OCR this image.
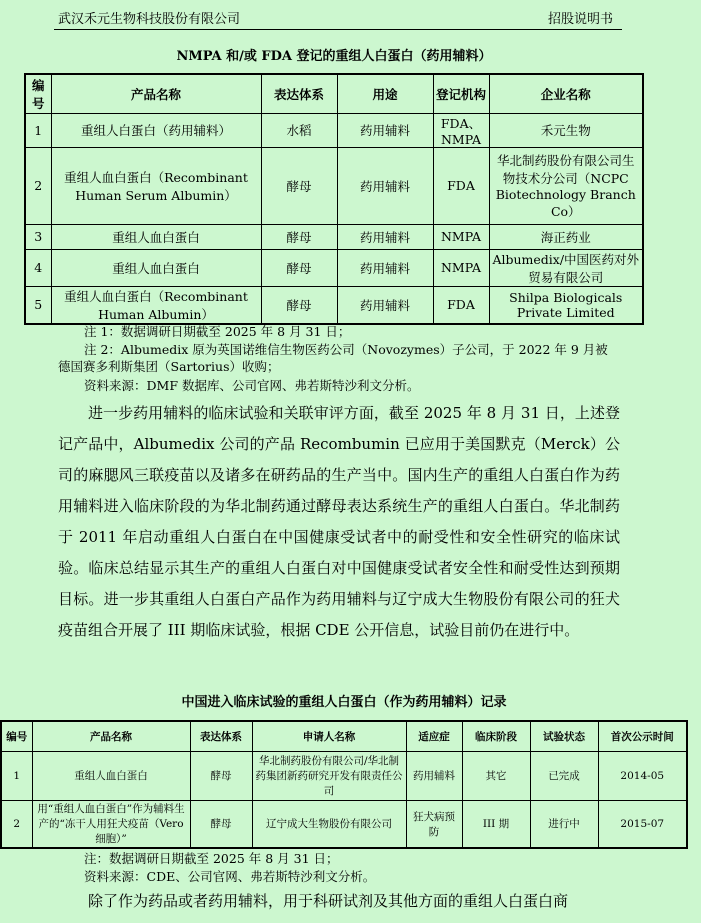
武汉禾元生物科技股份有限公司	招股说明书
NMPA 和/或 FDA 登记的重组人白蛋白（药用辅料）
编号	产品名称	表达体系	用途	登记机构	企业名称
1	重组人白蛋白（药用辅料）	水稻	药用辅料	FDA、NMPA	禾元生物
2	重组人血白蛋白（Recombinant Human Serum Albumin）	酵母	药用辅料	FDA	华北制药股份有限公司生物技术分公司（NCPC Biotechnology Branch Co）
3	重组人血白蛋白	酵母	药用辅料	NMPA	海正药业
4	重组人血白蛋白	酵母	药用辅料	NMPA	Albumedix/中国医药对外贸易有限公司
5	重组人血白蛋白（Recombinant Human Albumin）	酵母	药用辅料	FDA	Shilpa Biologicals Private Limited
注 1：数据调研日期截至 2025 年 8 月 31 日；
注 2：Albumedix 原为英国诺维信生物医药公司（Novozymes）子公司，于 2022 年 9 月被德国赛多利斯集团（Sartorius）收购；
资料来源：DMF 数据库、公司官网、弗若斯特沙利文分析。

进一步药用辅料的临床试验和关联审评方面，截至 2025 年 8 月 31 日，上述登记产品中，Albumedix 公司的产品 Recombumin 已应用于美国默克（Merck）公司的麻腮风三联疫苗以及诸多在研药品的生产当中。国内生产的重组人白蛋白作为药用辅料进入临床阶段的为华北制药通过酵母表达系统生产的重组人白蛋白。华北制药于 2011 年启动重组人白蛋白在中国健康受试者中的耐受性和安全性研究的临床试验。临床总结显示其生产的重组人白蛋白对中国健康受试者安全性和耐受性达到预期目标。进一步其重组人白蛋白产品作为药用辅料与辽宁成大生物股份有限公司的狂犬疫苗组合开展了 III 期临床试验，根据 CDE 公开信息，试验目前仍在进行中。

中国进入临床试验的重组人白蛋白（作为药用辅料）记录
编号	产品名称	表达体系	申请人名称	适应症	临床阶段	试验状态	首次公示时间
1	重组人血白蛋白	酵母	华北制药股份有限公司/华北制药集团新药研究开发有限责任公司	药用辅料	其它	已完成	2014-05
2	用“重组人血白蛋白”作为辅料生产的“冻干人用狂犬疫苗（Vero 细胞）”	酵母	辽宁成大生物股份有限公司	狂犬病预防	III 期	进行中	2015-07
注：数据调研日期截至 2025 年 8 月 31 日；
资料来源：CDE、公司官网、弗若斯特沙利文分析。

除了作为药品或者药用辅料，用于科研试剂及其他方面的重组人白蛋白商
